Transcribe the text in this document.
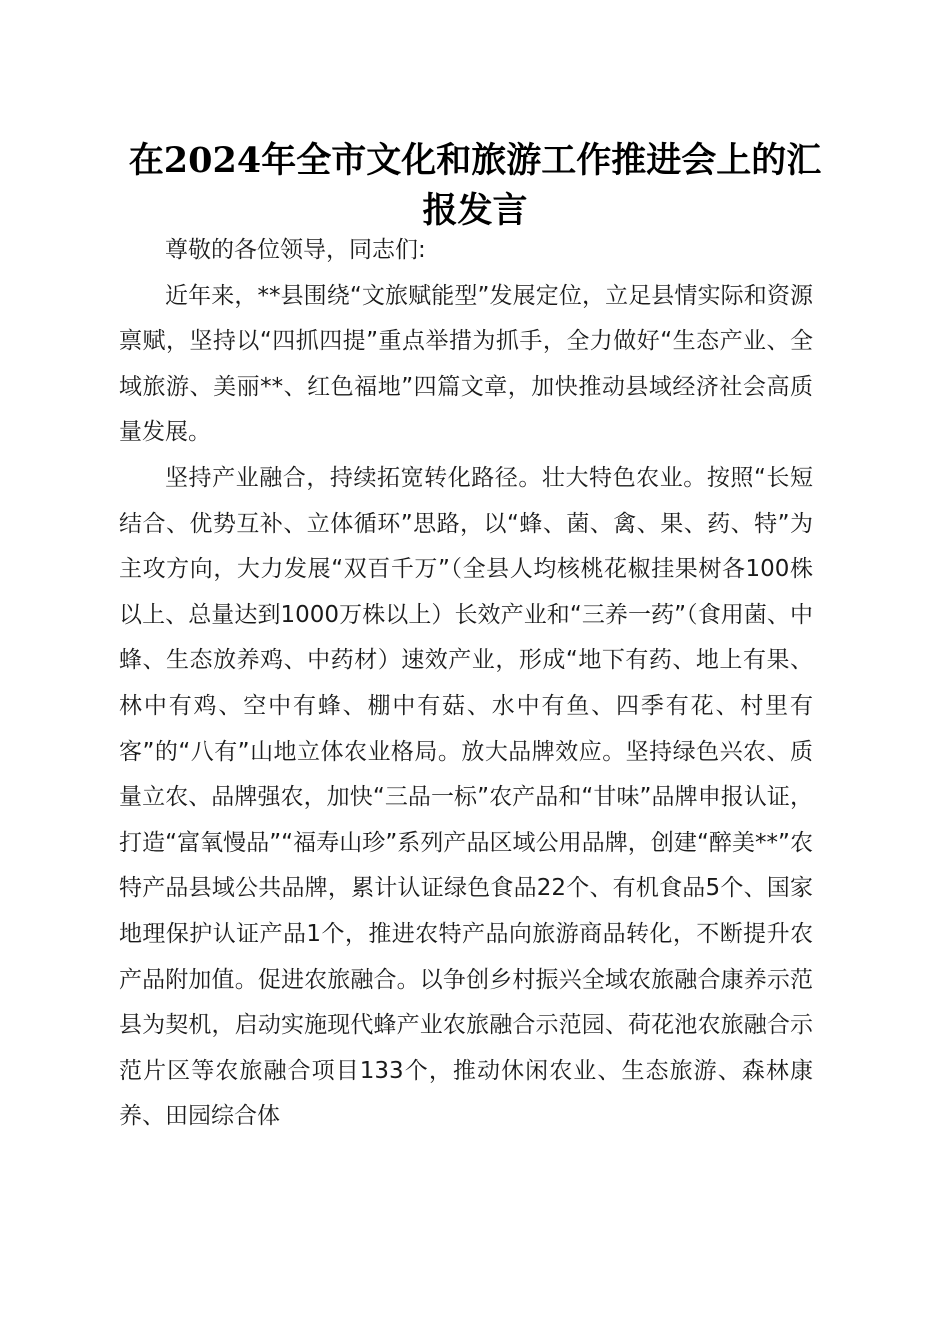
在2024年全市文化和旅游工作推进会上的汇报发言

尊敬的各位领导，同志们:

近年来，**县围绕“文旅赋能型”发展定位，立足县情实际和资源禀赋，坚持以“四抓四提”重点举措为抓手，全力做好“生态产业、全域旅游、美丽**、红色福地”四篇文章，加快推动县域经济社会高质量发展。

坚持产业融合，持续拓宽转化路径。壮大特色农业。按照“长短结合、优势互补、立体循环”思路，以“蜂、菌、禽、果、药、特”为主攻方向，大力发展“双百千万”（全县人均核桃花椒挂果树各100株以上、总量达到1000万株以上）长效产业和“三养一药”（食用菌、中蜂、生态放养鸡、中药材）速效产业，形成“地下有药、地上有果、林中有鸡、空中有蜂、棚中有菇、水中有鱼、四季有花、村里有客”的“八有”山地立体农业格局。放大品牌效应。坚持绿色兴农、质量立农、品牌强农，加快“三品一标”农产品和“甘味”品牌申报认证，打造“富氧慢品”“福寿山珍”系列产品区域公用品牌，创建“醉美**”农特产品县域公共品牌，累计认证绿色食品22个、有机食品5个、国家地理保护认证产品1个，推进农特产品向旅游商品转化，不断提升农产品附加值。促进农旅融合。以争创乡村振兴全域农旅融合康养示范县为契机，启动实施现代蜂产业农旅融合示范园、荷花池农旅融合示范片区等农旅融合项目133个，推动休闲农业、生态旅游、森林康养、田园综合体
